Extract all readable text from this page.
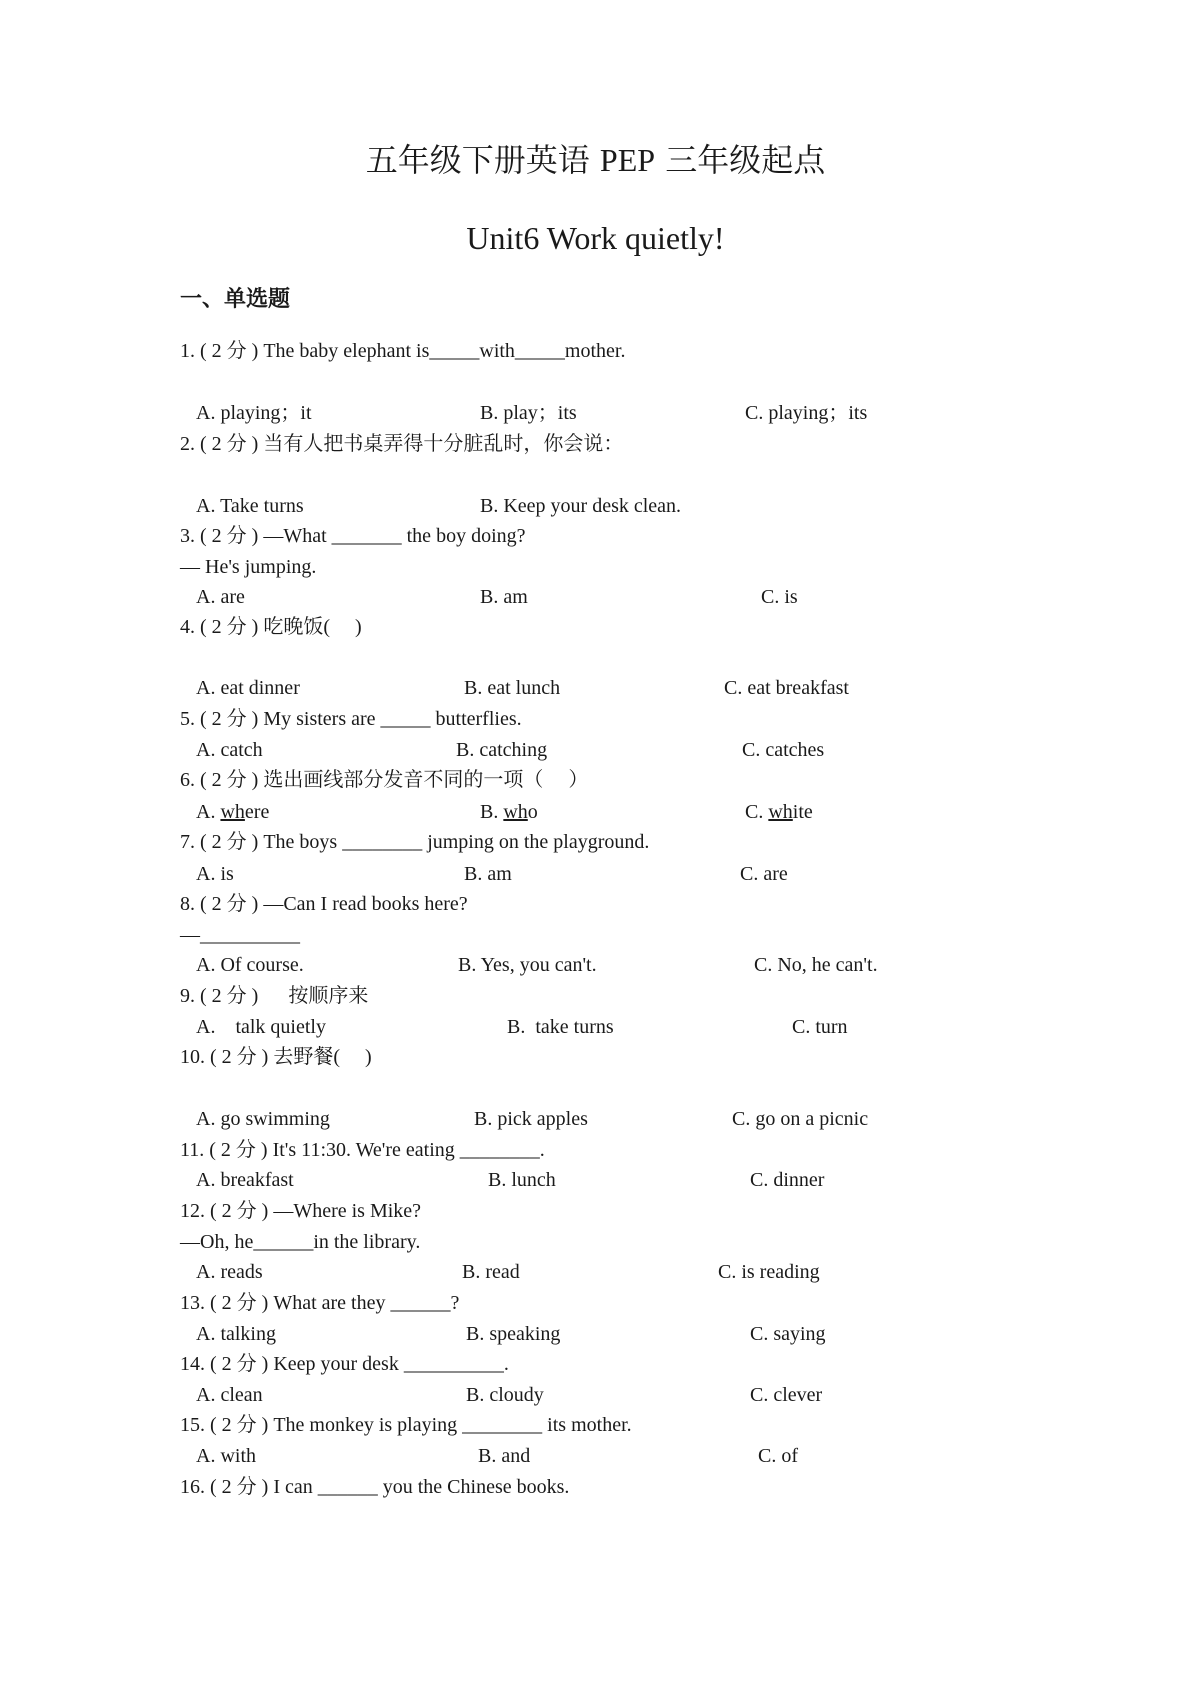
五年级下册英语 PEP 三年级起点
Unit6 Work quietly!
一、单选题
1. ( 2 分 ) The baby elephant is_____with_____mother.
A. playing；it	B. play；its	C. playing；its
2. ( 2 分 ) 当有人把书桌弄得十分脏乱时，你会说：
A. Take turns	B. Keep your desk clean.
3. ( 2 分 ) —What _______ the boy doing?
— He's jumping.
A. are	B. am	C. is
4. ( 2 分 ) 吃晚饭(     )
A. eat dinner	B. eat lunch	C. eat breakfast
5. ( 2 分 ) My sisters are _____ butterflies.
A. catch	B. catching	C. catches
6. ( 2 分 ) 选出画线部分发音不同的一项（     ）
A. where	B. who	C. white
7. ( 2 分 ) The boys ________ jumping on the playground.
A. is	B. am	C. are
8. ( 2 分 ) —Can I read books here?
—__________
A. Of course.	B. Yes, you can't.	C. No, he can't.
9. ( 2 分 )      按顺序来
A.    talk quietly	B.  take turns	C. turn
10. ( 2 分 ) 去野餐(     )
A. go swimming	B. pick apples	C. go on a picnic
11. ( 2 分 ) It's 11:30. We're eating ________.
A. breakfast	B. lunch	C. dinner
12. ( 2 分 ) —Where is Mike?
—Oh, he______in the library.
A. reads	B. read	C. is reading
13. ( 2 分 ) What are they ______?
A. talking	B. speaking	C. saying
14. ( 2 分 ) Keep your desk __________.
A. clean	B. cloudy	C. clever
15. ( 2 分 ) The monkey is playing ________ its mother.
A. with	B. and	C. of
16. ( 2 分 ) I can ______ you the Chinese books.
